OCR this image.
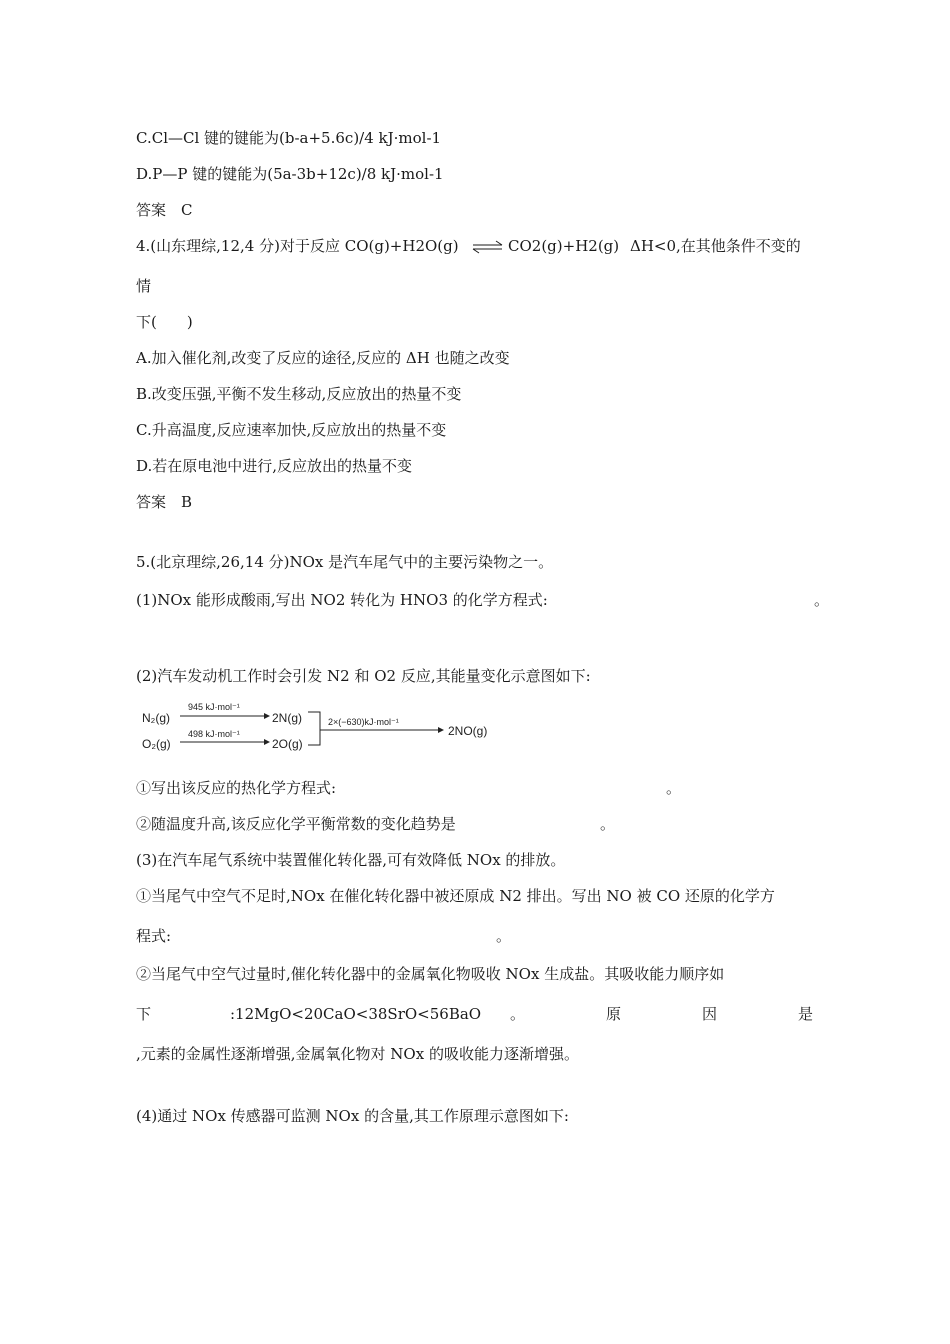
C.Cl—Cl 键的键能为(b-a+5.6c)/4 kJ·mol-1
D.P—P 键的键能为(5a-3b+12c)/8 kJ·mol-1
答案　C
4.(山东理综,12,4 分)对于反应 CO(g)+H2O(g) ⇌ CO2(g)+H2(g) ΔH<0,在其他条件不变的
情
下(　　)
A.加入催化剂,改变了反应的途径,反应的 ΔH 也随之改变
B.改变压强,平衡不发生移动,反应放出的热量不变
C.升高温度,反应速率加快,反应放出的热量不变
D.若在原电池中进行,反应放出的热量不变
答案　B
5.(北京理综,26,14 分)NOx 是汽车尾气中的主要污染物之一。
(1)NOx 能形成酸雨,写出 NO2 转化为 HNO3 的化学方程式:	。
(2)汽车发动机工作时会引发 N2 和 O2 反应,其能量变化示意图如下:
N₂(g)
O₂(g)
945 kJ·mol⁻¹
498 kJ·mol⁻¹
2N(g)
2O(g)
2×(−630)kJ·mol⁻¹
2NO(g)
①写出该反应的热化学方程式:	。
②随温度升高,该反应化学平衡常数的变化趋势是	。
(3)在汽车尾气系统中装置催化转化器,可有效降低 NOx 的排放。
①当尾气中空气不足时,NOx 在催化转化器中被还原成 N2 排出。写出 NO 被 CO 还原的化学方
程式:	。
②当尾气中空气过量时,催化转化器中的金属氧化物吸收 NOx 生成盐。其吸收能力顺序如
下	:12MgO<20CaO<38SrO<56BaO 。	原	因	是
,元素的金属性逐渐增强,金属氧化物对 NOx 的吸收能力逐渐增强。
(4)通过 NOx 传感器可监测 NOx 的含量,其工作原理示意图如下:
